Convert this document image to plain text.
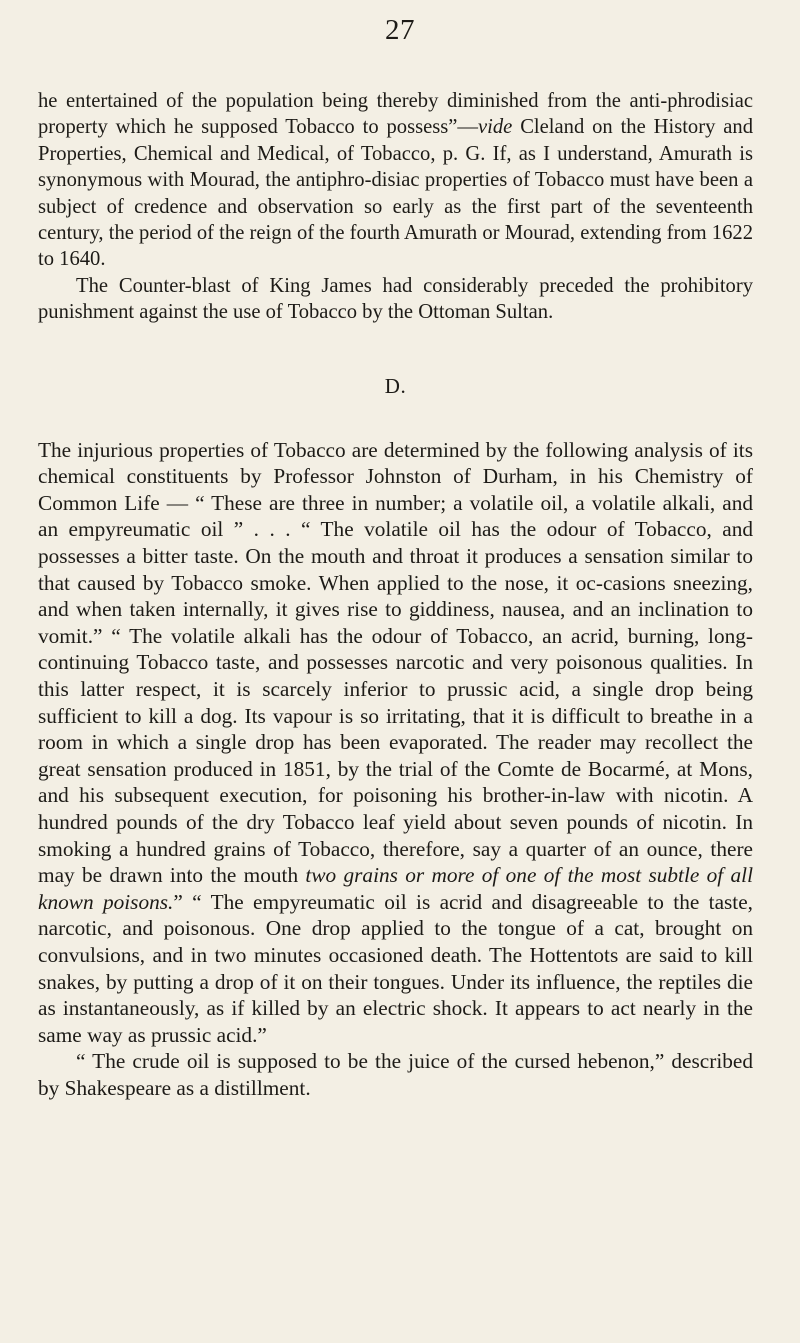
27

he entertained of the population being thereby diminished from the anti-phrodisiac property which he supposed Tobacco to possess”—vide Cleland on the History and Properties, Chemical and Medical, of Tobacco, p. G. If, as I understand, Amurath is synonymous with Mourad, the antiphro-disiac properties of Tobacco must have been a subject of credence and observation so early as the first part of the seventeenth century, the period of the reign of the fourth Amurath or Mourad, extending from 1622 to 1640.

The Counter-blast of King James had considerably preceded the prohibitory punishment against the use of Tobacco by the Ottoman Sultan.

D.

The injurious properties of Tobacco are determined by the following analysis of its chemical constituents by Professor Johnston of Durham, in his Chemistry of Common Life — “ These are three in number; a volatile oil, a volatile alkali, and an empyreumatic oil ” . . . “ The volatile oil has the odour of Tobacco, and possesses a bitter taste. On the mouth and throat it produces a sensation similar to that caused by Tobacco smoke. When applied to the nose, it oc-casions sneezing, and when taken internally, it gives rise to giddiness, nausea, and an inclination to vomit.” “ The volatile alkali has the odour of Tobacco, an acrid, burning, long-continuing Tobacco taste, and possesses narcotic and very poisonous qualities. In this latter respect, it is scarcely inferior to prussic acid, a single drop being sufficient to kill a dog. Its vapour is so irritating, that it is difficult to breathe in a room in which a single drop has been evaporated. The reader may recollect the great sensation produced in 1851, by the trial of the Comte de Bocarmé, at Mons, and his subsequent execution, for poisoning his brother-in-law with nicotin. A hundred pounds of the dry Tobacco leaf yield about seven pounds of nicotin. In smoking a hundred grains of Tobacco, therefore, say a quarter of an ounce, there may be drawn into the mouth two grains or more of one of the most subtle of all known poisons.” “ The empyreumatic oil is acrid and disagreeable to the taste, narcotic, and poisonous. One drop applied to the tongue of a cat, brought on convulsions, and in two minutes occasioned death. The Hottentots are said to kill snakes, by putting a drop of it on their tongues. Under its influence, the reptiles die as instantaneously, as if killed by an electric shock. It appears to act nearly in the same way as prussic acid.”

“ The crude oil is supposed to be the juice of the cursed hebenon,” described by Shakespeare as a distillment.
